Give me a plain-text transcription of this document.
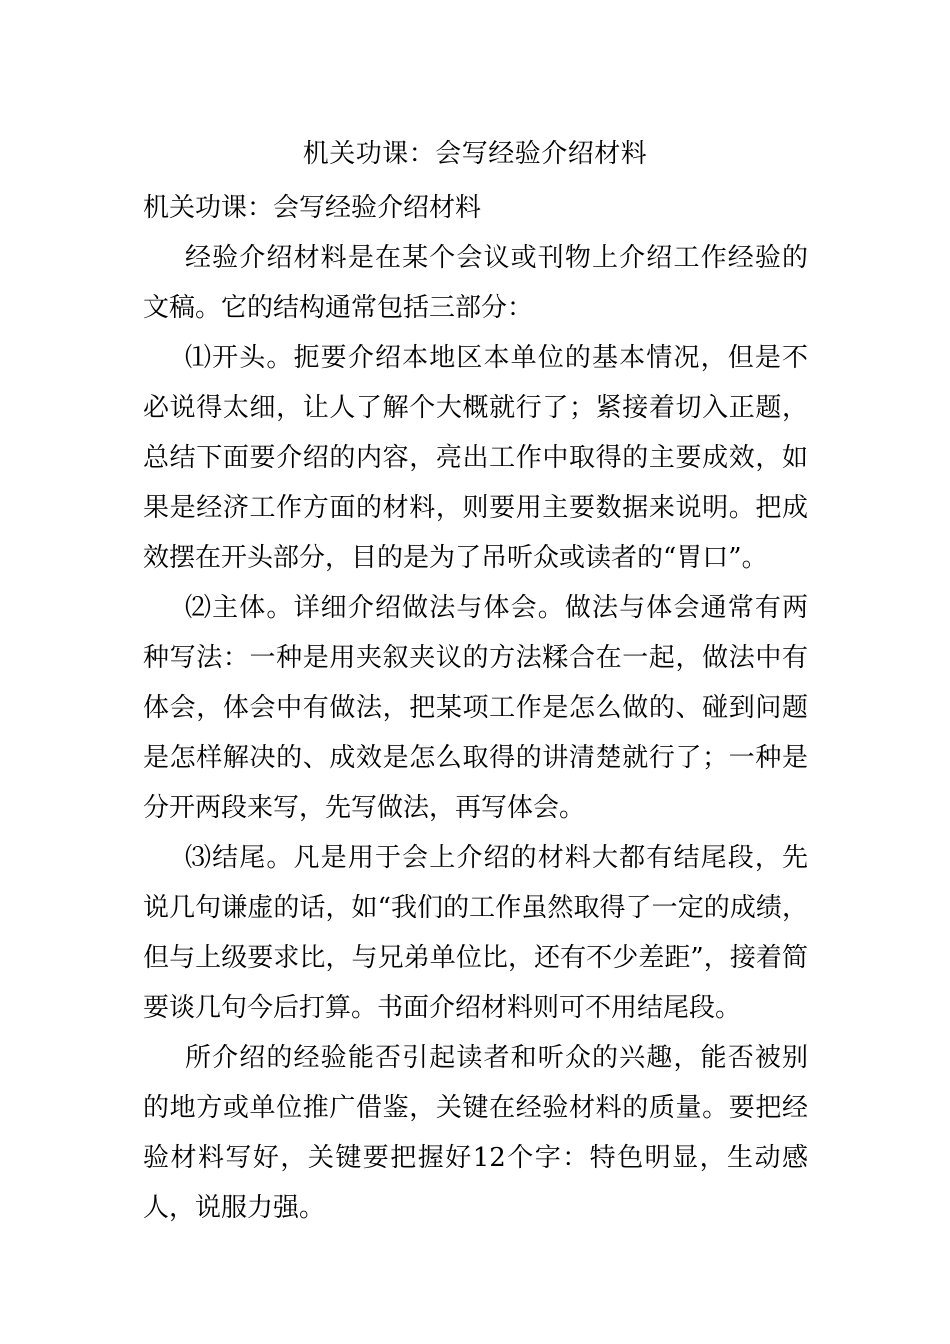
机关功课：会写经验介绍材料

机关功课：会写经验介绍材料

经验介绍材料是在某个会议或刊物上介绍工作经验的文稿。它的结构通常包括三部分：

⑴开头。扼要介绍本地区本单位的基本情况，但是不必说得太细，让人了解个大概就行了；紧接着切入正题，总结下面要介绍的内容，亮出工作中取得的主要成效，如果是经济工作方面的材料，则要用主要数据来说明。把成效摆在开头部分，目的是为了吊听众或读者的“胃口”。

⑵主体。详细介绍做法与体会。做法与体会通常有两种写法：一种是用夹叙夹议的方法糅合在一起，做法中有体会，体会中有做法，把某项工作是怎么做的、碰到问题是怎样解决的、成效是怎么取得的讲清楚就行了；一种是分开两段来写，先写做法，再写体会。

⑶结尾。凡是用于会上介绍的材料大都有结尾段，先说几句谦虚的话，如“我们的工作虽然取得了一定的成绩，但与上级要求比，与兄弟单位比，还有不少差距”，接着简要谈几句今后打算。书面介绍材料则可不用结尾段。

所介绍的经验能否引起读者和听众的兴趣，能否被别的地方或单位推广借鉴，关键在经验材料的质量。要把经验材料写好，关键要把握好12个字：特色明显，生动感人，说服力强。
